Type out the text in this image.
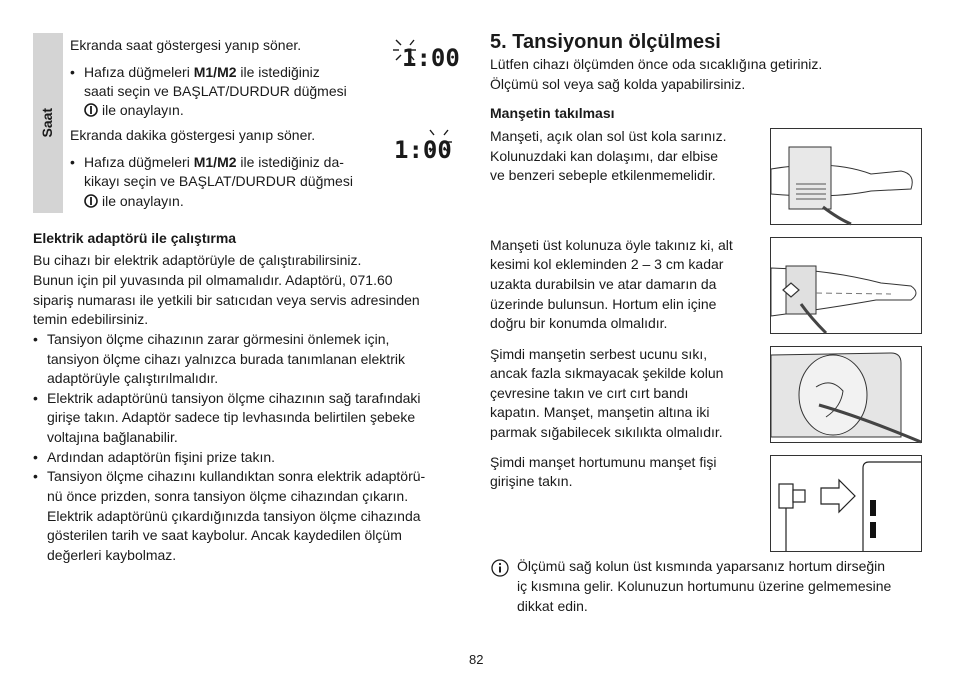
Saat
Ekranda saat göstergesi yanıp söner.
• Hafıza düğmeleri M1/M2 ile istediğiniz
saati seçin ve BAŞLAT/DURDUR düğmesi
ile onaylayın.
1:00
Ekranda dakika göstergesi yanıp söner.
• Hafıza düğmeleri M1/M2 ile istediğiniz da-
kikayı seçin ve BAŞLAT/DURDUR düğmesi
ile onaylayın.
1:00
Elektrik adaptörü ile çalıştırma
Bu cihazı bir elektrik adaptörüyle de çalıştırabilirsiniz.
Bunun için pil yuvasında pil olmamalıdır. Adaptörü, 071.60
sipariş numarası ile yetkili bir satıcıdan veya servis adresinden
temin edebilirsiniz.
• Tansiyon ölçme cihazının zarar görmesini önlemek için,
tansiyon ölçme cihazı yalnızca burada tanımlanan elektrik
adaptörüyle çalıştırılmalıdır.
• Elektrik adaptörünü tansiyon ölçme cihazının sağ tarafındaki
girişe takın. Adaptör sadece tip levhasında belirtilen şebeke
voltajına bağlanabilir.
• Ardından adaptörün fişini prize takın.
• Tansiyon ölçme cihazını kullandıktan sonra elektrik adaptörü-
nü önce prizden, sonra tansiyon ölçme cihazından çıkarın.
Elektrik adaptörünü çıkardığınızda tansiyon ölçme cihazında
gösterilen tarih ve saat kaybolur. Ancak kaydedilen ölçüm
değerleri kaybolmaz.
5. Tansiyonun ölçülmesi
Lütfen cihazı ölçümden önce oda sıcaklığına getiriniz.
Ölçümü sol veya sağ kolda yapabilirsiniz.
Manşetin takılması
Manşeti, açık olan sol üst kola sarınız.
Kolunuzdaki kan dolaşımı, dar elbise
ve benzeri sebeple etkilenmemelidir.
Manşeti üst kolunuza öyle takınız ki, alt
kesimi kol ekleminden 2 – 3 cm kadar
uzakta durabilsin ve atar damarın da
üzerinde bulunsun. Hortum elin içine
doğru bir konumda olmalıdır.
Şimdi manşetin serbest ucunu sıkı,
ancak fazla sıkmayacak şekilde kolun
çevresine takın ve cırt cırt bandı
kapatın. Manşet, manşetin altına iki
parmak sığabilecek sıkılıkta olmalıdır.
Şimdi manşet hortumunu manşet fişi
girişine takın.
Ölçümü sağ kolun üst kısmında yaparsanız hortum dirseğin
iç kısmına gelir. Kolunuzun hortumunu üzerine gelmemesine
dikkat edin.
82
